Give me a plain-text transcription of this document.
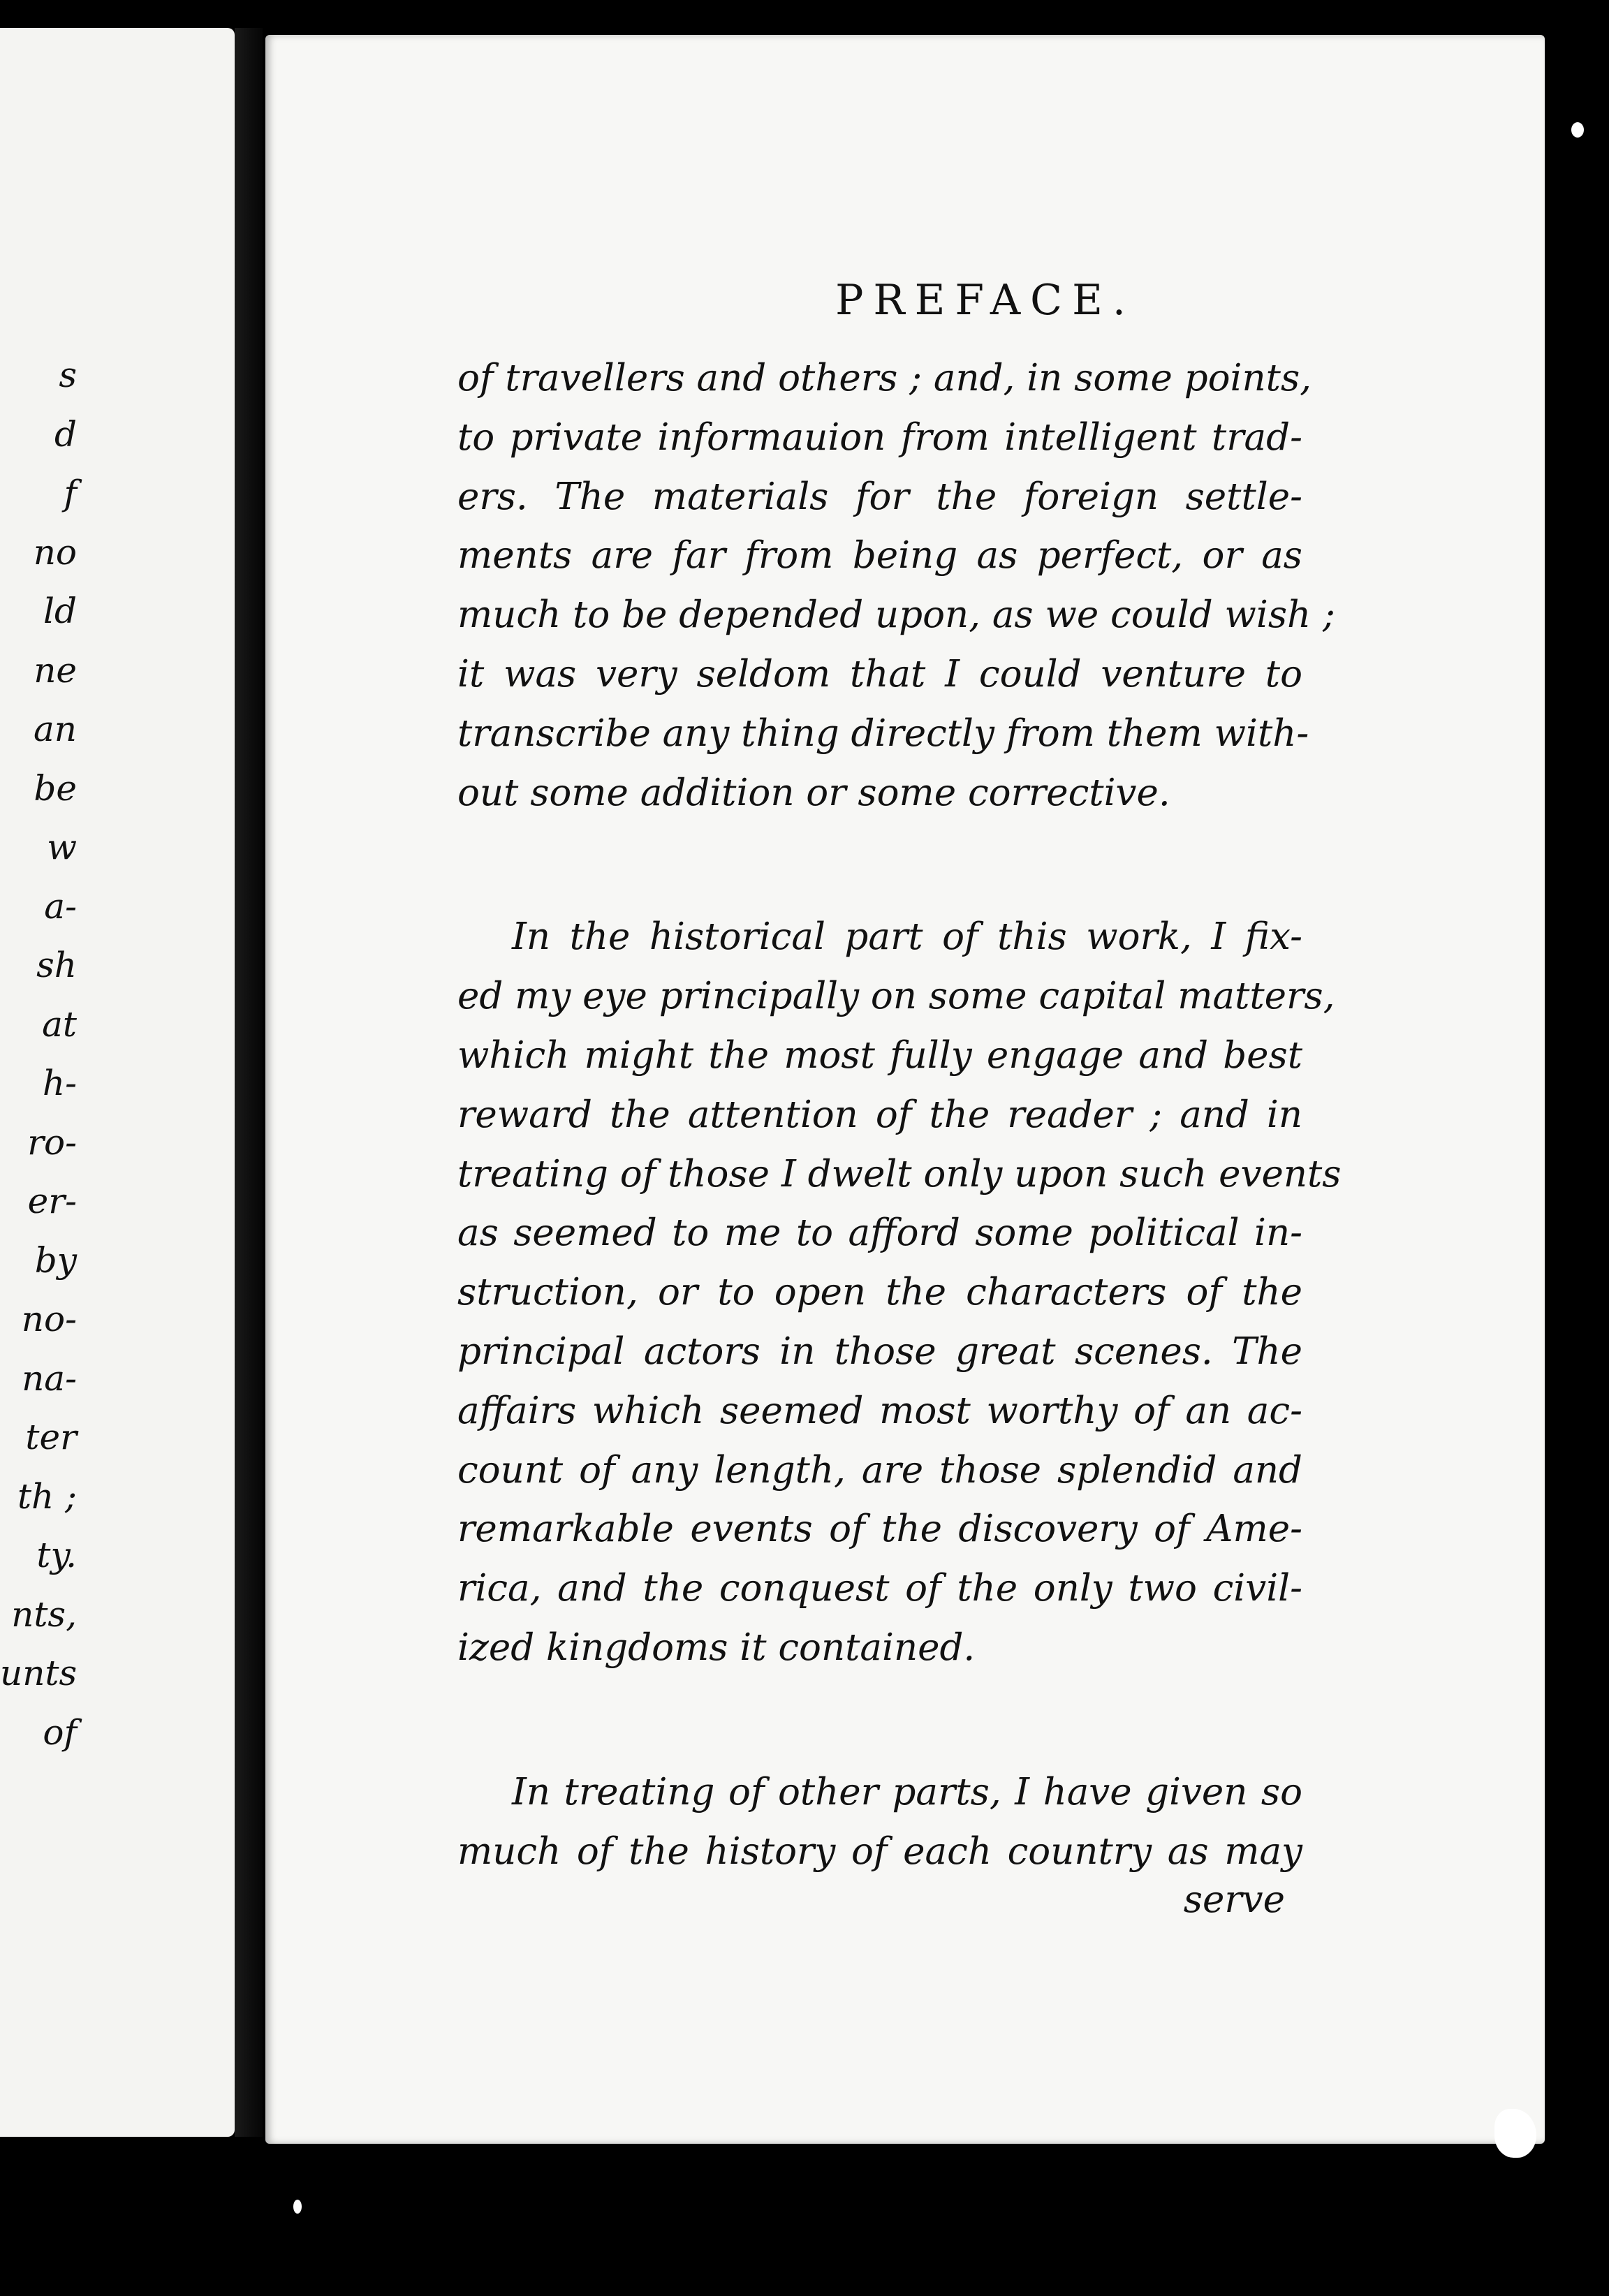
s
d
f
no
ld
ne
an
be
w
a-
sh
at
h-
ro-
er-
by
no-
na-
ter
th ;
ty.
nts,
unts
of
PREFACE.
of travellers and others ; and, in some points,
to private informauion from intelligent trad-
ers. The materials for the foreign settle-
ments are far from being as perfect, or as
much to be depended upon, as we could wish ;
it was very seldom that I could venture to
transcribe any thing directly from them with-
out some addition or some corrective.
In the historical part of this work, I fix-
ed my eye principally on some capital matters,
which might the most fully engage and best
reward the attention of the reader ; and in
treating of those I dwelt only upon such events
as seemed to me to afford some political in-
struction, or to open the characters of the
principal actors in those great scenes. The
affairs which seemed most worthy of an ac-
count of any length, are those splendid and
remarkable events of the discovery of Ame-
rica, and the conquest of the only two civil-
ized kingdoms it contained.
In treating of other parts, I have given so
much of the history of each country as may
serve
